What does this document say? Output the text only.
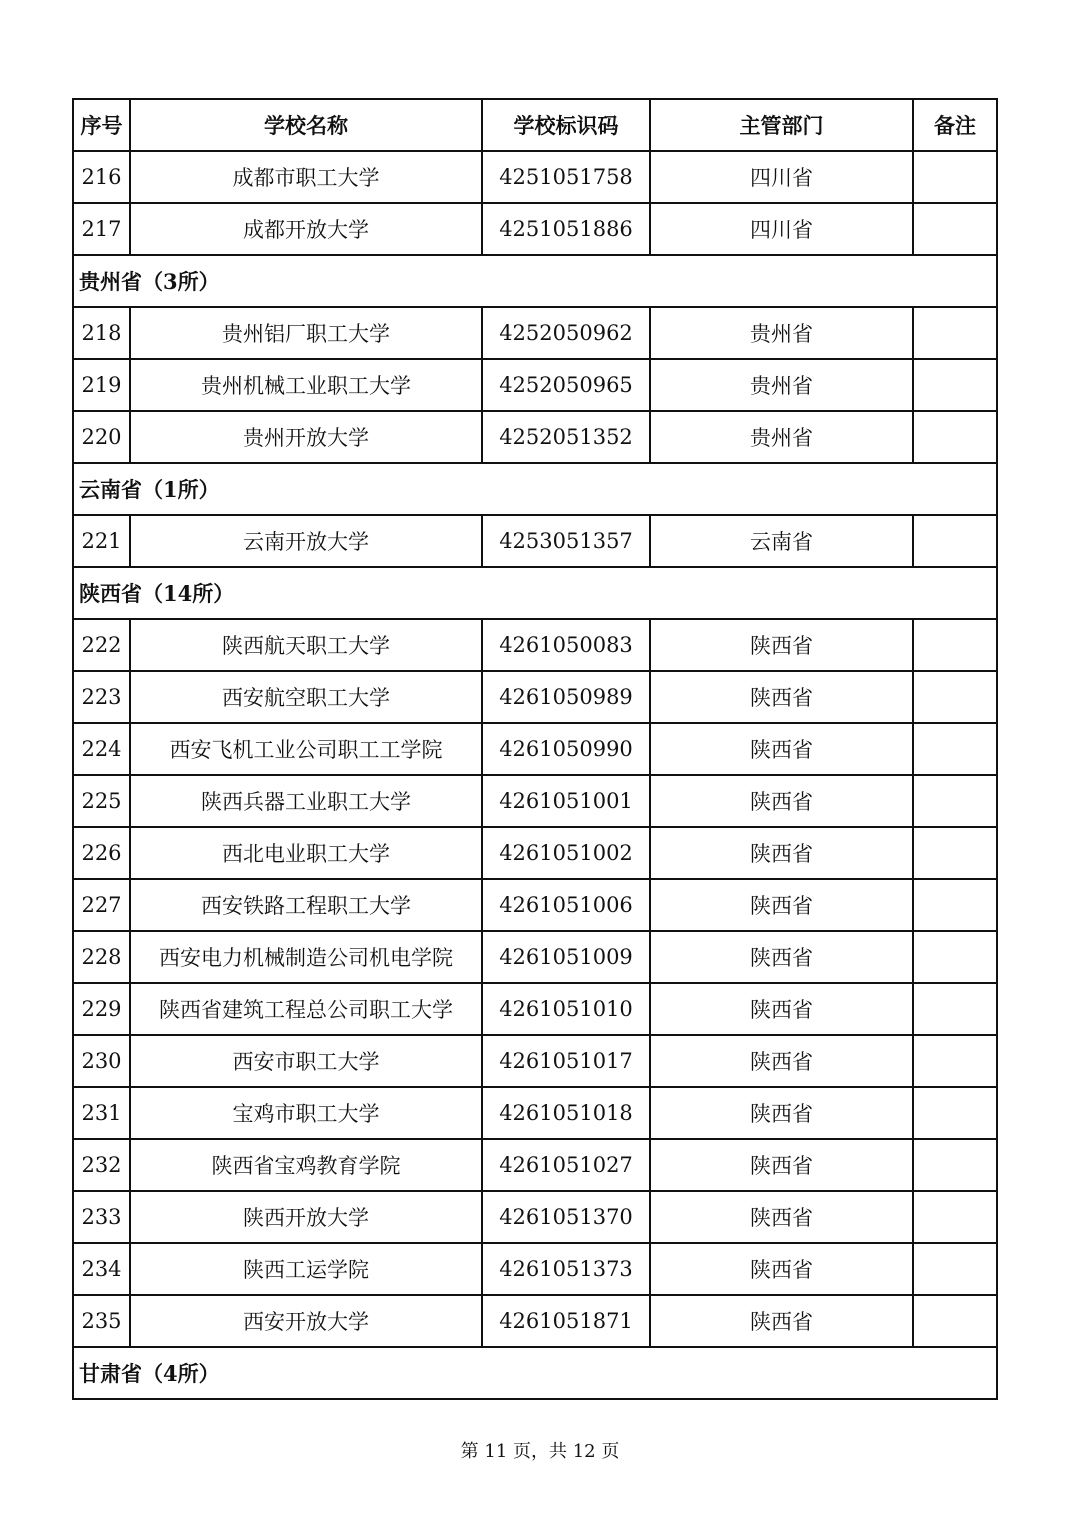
序号	学校名称	学校标识码	主管部门	备注
216	成都市职工大学	4251051758	四川省	
217	成都开放大学	4251051886	四川省	
贵州省（3所）				
218	贵州铝厂职工大学	4252050962	贵州省	
219	贵州机械工业职工大学	4252050965	贵州省	
220	贵州开放大学	4252051352	贵州省	
云南省（1所）				
221	云南开放大学	4253051357	云南省	
陕西省（14所）				
222	陕西航天职工大学	4261050083	陕西省	
223	西安航空职工大学	4261050989	陕西省	
224	西安飞机工业公司职工工学院	4261050990	陕西省	
225	陕西兵器工业职工大学	4261051001	陕西省	
226	西北电业职工大学	4261051002	陕西省	
227	西安铁路工程职工大学	4261051006	陕西省	
228	西安电力机械制造公司机电学院	4261051009	陕西省	
229	陕西省建筑工程总公司职工大学	4261051010	陕西省	
230	西安市职工大学	4261051017	陕西省	
231	宝鸡市职工大学	4261051018	陕西省	
232	陕西省宝鸡教育学院	4261051027	陕西省	
233	陕西开放大学	4261051370	陕西省	
234	陕西工运学院	4261051373	陕西省	
235	西安开放大学	4261051871	陕西省	
甘肃省（4所）				
第 11 页，共 12 页
